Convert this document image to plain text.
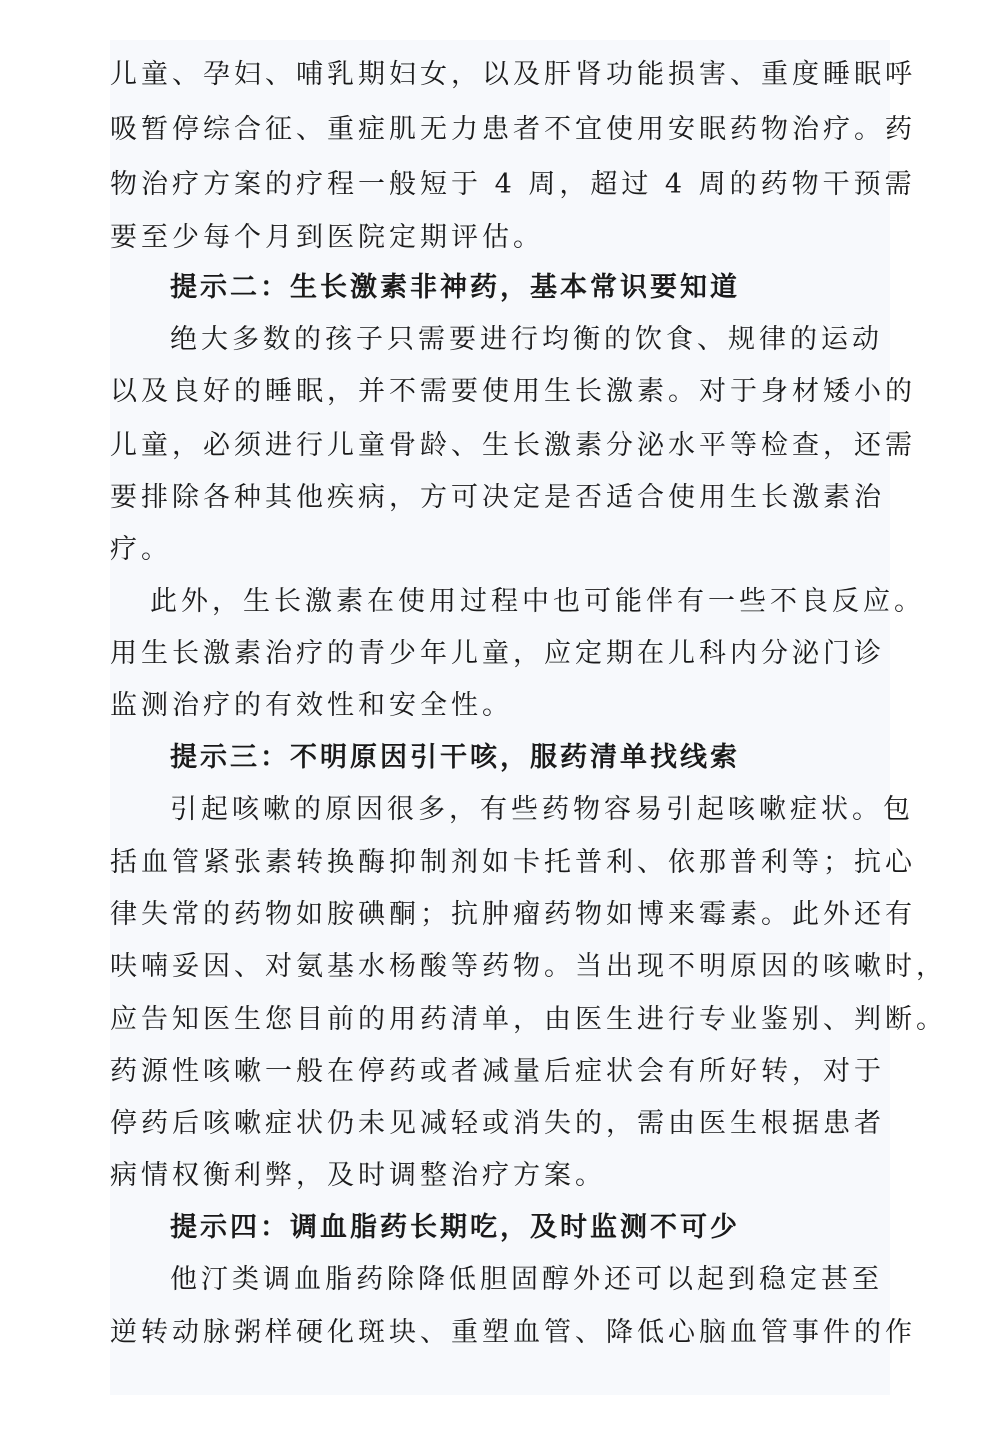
儿童、孕妇、哺乳期妇女，以及肝肾功能损害、重度睡眠呼
吸暂停综合征、重症肌无力患者不宜使用安眠药物治疗。药
物治疗方案的疗程一般短于 4 周，超过 4 周的药物干预需
要至少每个月到医院定期评估。
提示二：生长激素非神药，基本常识要知道
绝大多数的孩子只需要进行均衡的饮食、规律的运动
以及良好的睡眠，并不需要使用生长激素。对于身材矮小的
儿童，必须进行儿童骨龄、生长激素分泌水平等检查，还需
要排除各种其他疾病，方可决定是否适合使用生长激素治
疗。
此外，生长激素在使用过程中也可能伴有一些不良反应。
用生长激素治疗的青少年儿童，应定期在儿科内分泌门诊
监测治疗的有效性和安全性。
提示三：不明原因引干咳，服药清单找线索
引起咳嗽的原因很多，有些药物容易引起咳嗽症状。包
括血管紧张素转换酶抑制剂如卡托普利、依那普利等；抗心
律失常的药物如胺碘酮；抗肿瘤药物如博来霉素。此外还有
呋喃妥因、对氨基水杨酸等药物。当出现不明原因的咳嗽时，
应告知医生您目前的用药清单，由医生进行专业鉴别、判断。
药源性咳嗽一般在停药或者减量后症状会有所好转，对于
停药后咳嗽症状仍未见减轻或消失的，需由医生根据患者
病情权衡利弊，及时调整治疗方案。
提示四：调血脂药长期吃，及时监测不可少
他汀类调血脂药除降低胆固醇外还可以起到稳定甚至
逆转动脉粥样硬化斑块、重塑血管、降低心脑血管事件的作
